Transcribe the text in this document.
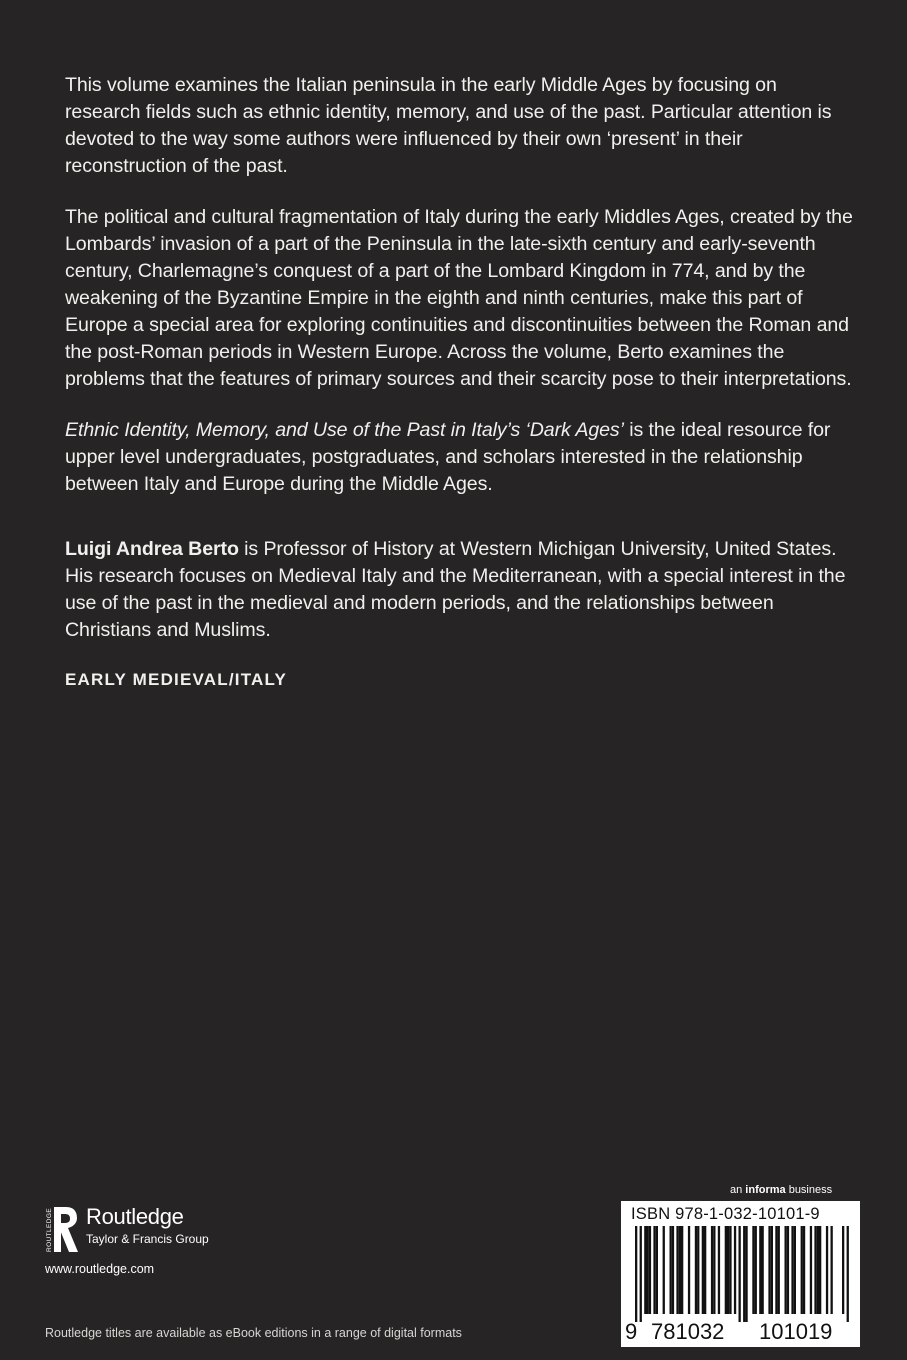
This volume examines the Italian peninsula in the early Middle Ages by focusing on research fields such as ethnic identity, memory, and use of the past. Particular attention is devoted to the way some authors were influenced by their own ‘present’ in their reconstruction of the past.

The political and cultural fragmentation of Italy during the early Middles Ages, created by the Lombards’ invasion of a part of the Peninsula in the late-sixth century and early-seventh century, Charlemagne’s conquest of a part of the Lombard Kingdom in 774, and by the weakening of the Byzantine Empire in the eighth and ninth centuries, make this part of Europe a special area for exploring continuities and discontinuities between the Roman and the post-Roman periods in Western Europe. Across the volume, Berto examines the problems that the features of primary sources and their scarcity pose to their interpretations.

Ethnic Identity, Memory, and Use of the Past in Italy’s ‘Dark Ages’ is the ideal resource for upper level undergraduates, postgraduates, and scholars interested in the relationship between Italy and Europe during the Middle Ages.

Luigi Andrea Berto is Professor of History at Western Michigan University, United States. His research focuses on Medieval Italy and the Mediterranean, with a special interest in the use of the past in the medieval and modern periods, and the relationships between Christians and Muslims.

EARLY MEDIEVAL/ITALY

ROUTLEDGE Routledge
Taylor & Francis Group
www.routledge.com
Routledge titles are available as eBook editions in a range of digital formats
an informa business
ISBN 978-1-032-10101-9
9 781032 101019
